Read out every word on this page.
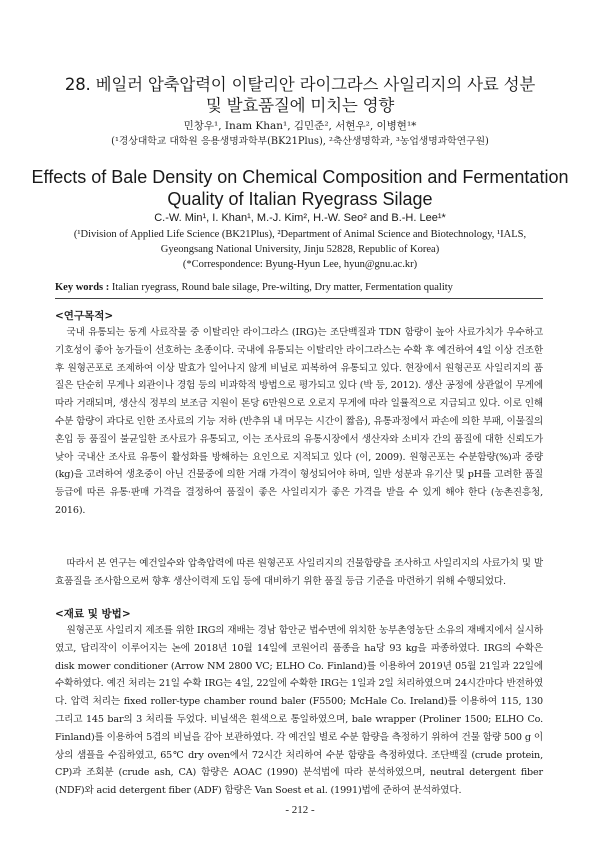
28. 베일러 압축압력이 이탈리안 라이그라스 사일리지의 사료 성분
및 발효품질에 미치는 영향
민창우¹, Inam Khan¹, 김민준², 서현우², 이병현¹*
(¹경상대학교 대학원 응용생명과학부(BK21Plus), ²축산생명학과, ³농업생명과학연구원)
Effects of Bale Density on Chemical Composition and Fermentation
Quality of Italian Ryegrass Silage
C.-W. Min¹, I. Khan¹, M.-J. Kim², H.-W. Seo² and B.-H. Lee¹*
(¹Division of Applied Life Science (BK21Plus), ²Department of Animal Science and Biotechnology, ¹IALS,
Gyeongsang National University, Jinju 52828, Republic of Korea)
(*Correspondence: Byung-Hyun Lee, hyun@gnu.ac.kr)
Key words : Italian ryegrass, Round bale silage, Pre-wilting, Dry matter, Fermentation quality
<연구목적>
국내 유통되는 동계 사료작물 중 이탈리안 라이그라스 (IRG)는 조단백질과 TDN 함량이 높아 사료가치가 우수하고 기호성이 좋아 농가들이 선호하는 초종이다. 국내에 유통되는 이탈리안 라이그라스는 수확 후 예건하여 4일 이상 건조한 후 원형곤포로 조제하여 이상 발효가 일어나지 않게 비닐로 피복하여 유통되고 있다. 현장에서 원형곤포 사일리지의 품질은 단순히 무게나 외관이나 경험 등의 비과학적 방법으로 평가되고 있다 (박 등, 2012). 생산 공정에 상관없이 무게에 따라 거래되며, 생산식 정부의 보조금 지원이 톤당 6만원으로 오로지 무게에 따라 일률적으로 지급되고 있다. 이로 인해 수분 함량이 과다로 인한 조사료의 기능 저하 (반추위 내 머무는 시간이 짧음), 유통과정에서 파손에 의한 부패, 이물질의 혼입 등 품질이 불균일한 조사료가 유통되고, 이는 조사료의 유통시장에서 생산자와 소비자 간의 품질에 대한 신뢰도가 낮아 국내산 조사료 유통이 활성화를 방해하는 요인으로 지적되고 있다 (이, 2009). 원형곤포는 수분함량(%)과 중량(kg)을 고려하여 생초중이 아닌 건물중에 의한 거래 가격이 형성되어야 하며, 일반 성분과 유기산 및 pH를 고려한 품질 등급에 따른 유통·판매 가격을 결정하여 품질이 좋은 사일리지가 좋은 가격을 받을 수 있게 해야 한다 (농촌진흥청, 2016).
따라서 본 연구는 예건일수와 압축압력에 따른 원형곤포 사일리지의 건물함량을 조사하고 사일리지의 사료가치 및 발효품질을 조사함으로써 향후 생산이력제 도입 등에 대비하기 위한 품질 등급 기준을 마련하기 위해 수행되었다.
<재료 및 방법>
원형곤포 사일리지 제조를 위한 IRG의 재배는 경남 함안군 법수면에 위치한 농부촌영농단 소유의 재배지에서 실시하였고, 답리작이 이루어지는 논에 2018년 10월 14일에 코원어리 품종을 ha당 93 kg을 파종하였다. IRG의 수확은 disk mower conditioner (Arrow NM 2800 VC; ELHO Co. Finland)를 이용하여 2019년 05월 21일과 22일에 수확하였다. 예건 처리는 21일 수확 IRG는 4일, 22일에 수확한 IRG는 1일과 2일 처리하였으며 24시간마다 반전하였다. 압력 처리는 fixed roller-type chamber round baler (F5500; McHale Co. Ireland)를 이용하여 115, 130 그리고 145 bar의 3 처리를 두었다. 비닐색은 흰색으로 통일하였으며, bale wrapper (Proliner 1500; ELHO Co. Finland)를 이용하여 5겹의 비닐을 감아 보관하였다. 각 예건일 별로 수분 함량을 측정하기 위하여 건물 함량 500 g 이상의 샘플을 수집하였고, 65℃ dry oven에서 72시간 처리하여 수분 함량을 측정하였다. 조단백질 (crude protein, CP)과 조회분 (crude ash, CA) 함량은 AOAC (1990) 분석법에 따라 분석하였으며, neutral detergent fiber (NDF)와 acid detergent fiber (ADF) 함량은 Van Soest et al. (1991)법에 준하여 분석하였다.
- 212 -
